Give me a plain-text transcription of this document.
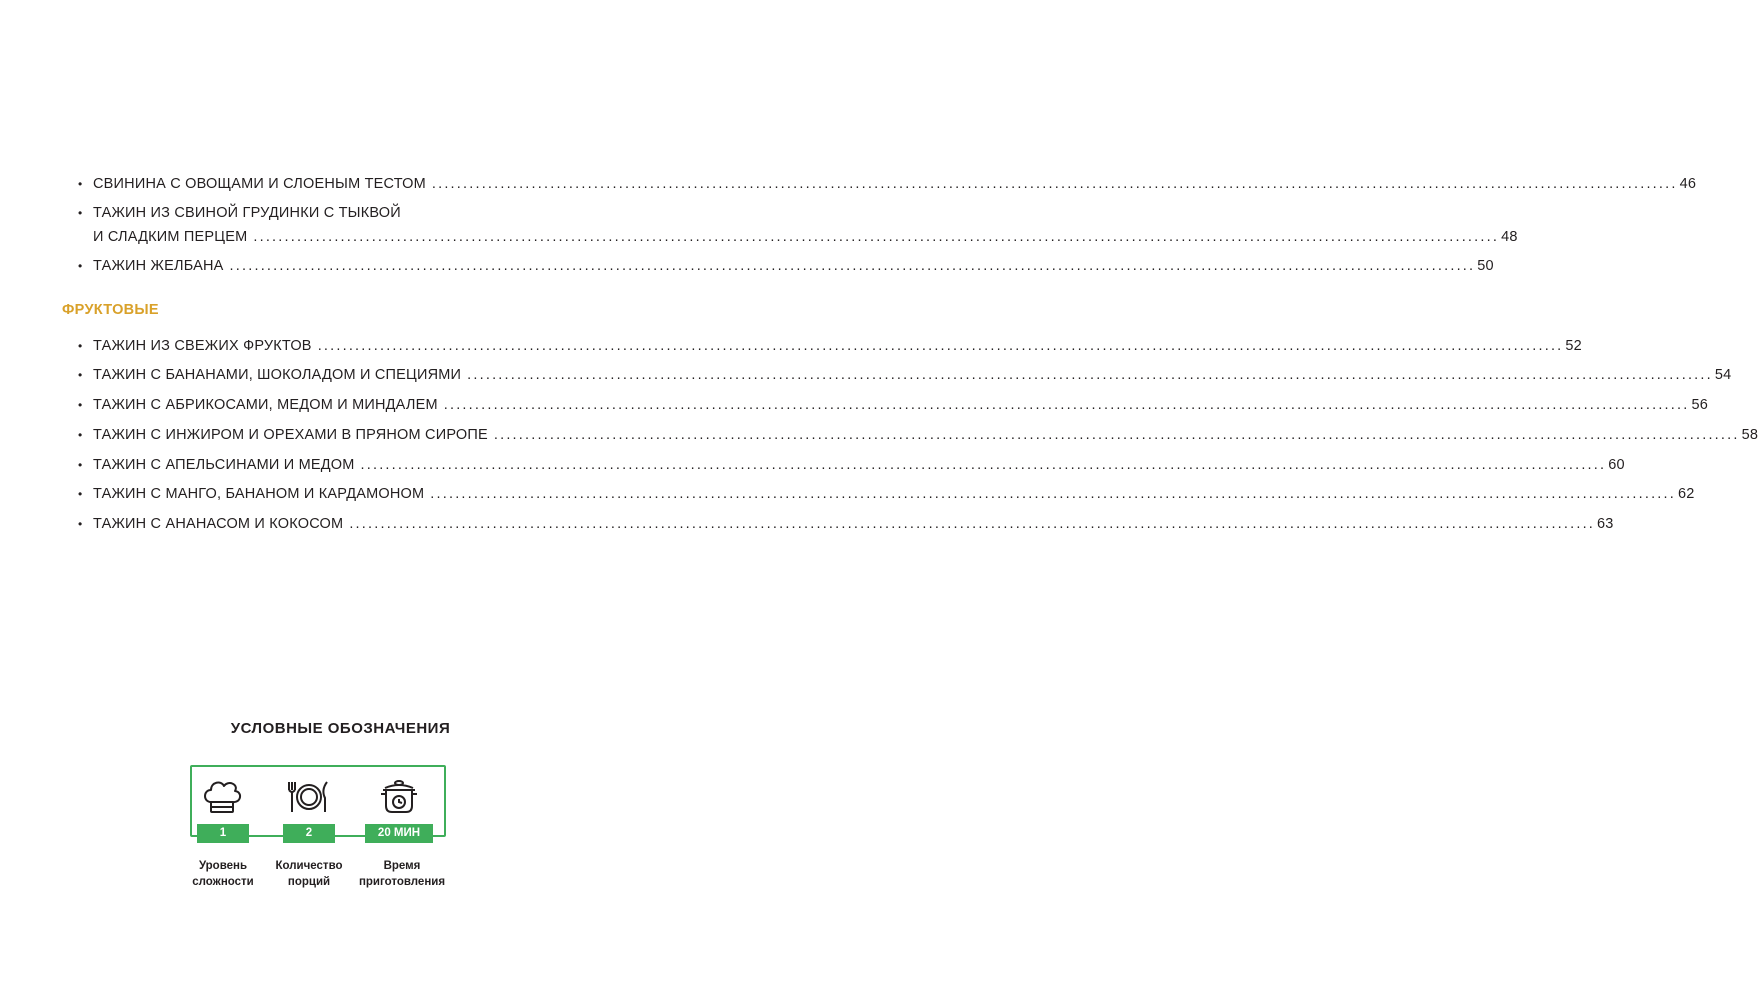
• СВИНИНА С ОВОЩАМИ И СЛОЕНЫМ ТЕСТОМ ........................................................................................................................................................................................................ 46
• ТАЖИН ИЗ СВИНОЙ ГРУДИНКИ С ТЫКВОЙ
И СЛАДКИМ ПЕРЦЕМ ........................................................................................................................................................................................................ 48
• ТАЖИН ЖЕЛБАНА ........................................................................................................................................................................................................ 50
• ТАЖИН ИЗ СВЕЖИХ ФРУКТОВ ........................................................................................................................................................................................................ 52
• ТАЖИН С БАНАНАМИ, ШОКОЛАДОМ И СПЕЦИЯМИ ........................................................................................................................................................................................................ 54
• ТАЖИН С АБРИКОСАМИ, МЕДОМ И МИНДАЛЕМ ........................................................................................................................................................................................................ 56
• ТАЖИН С ИНЖИРОМ И ОРЕХАМИ В ПРЯНОМ СИРОПЕ ........................................................................................................................................................................................................ 58
• ТАЖИН С АПЕЛЬСИНАМИ И МЕДОМ ........................................................................................................................................................................................................ 60
• ТАЖИН С МАНГО, БАНАНОМ И КАРДАМОНОМ ........................................................................................................................................................................................................ 62
• ТАЖИН С АНАНАСОМ И КОКОСОМ ........................................................................................................................................................................................................ 63
ФРУКТОВЫЕ
УСЛОВНЫЕ ОБОЗНАЧЕНИЯ
1	2	20 МИН
Уровень
сложности
Количество
порций
Время
приготовления
